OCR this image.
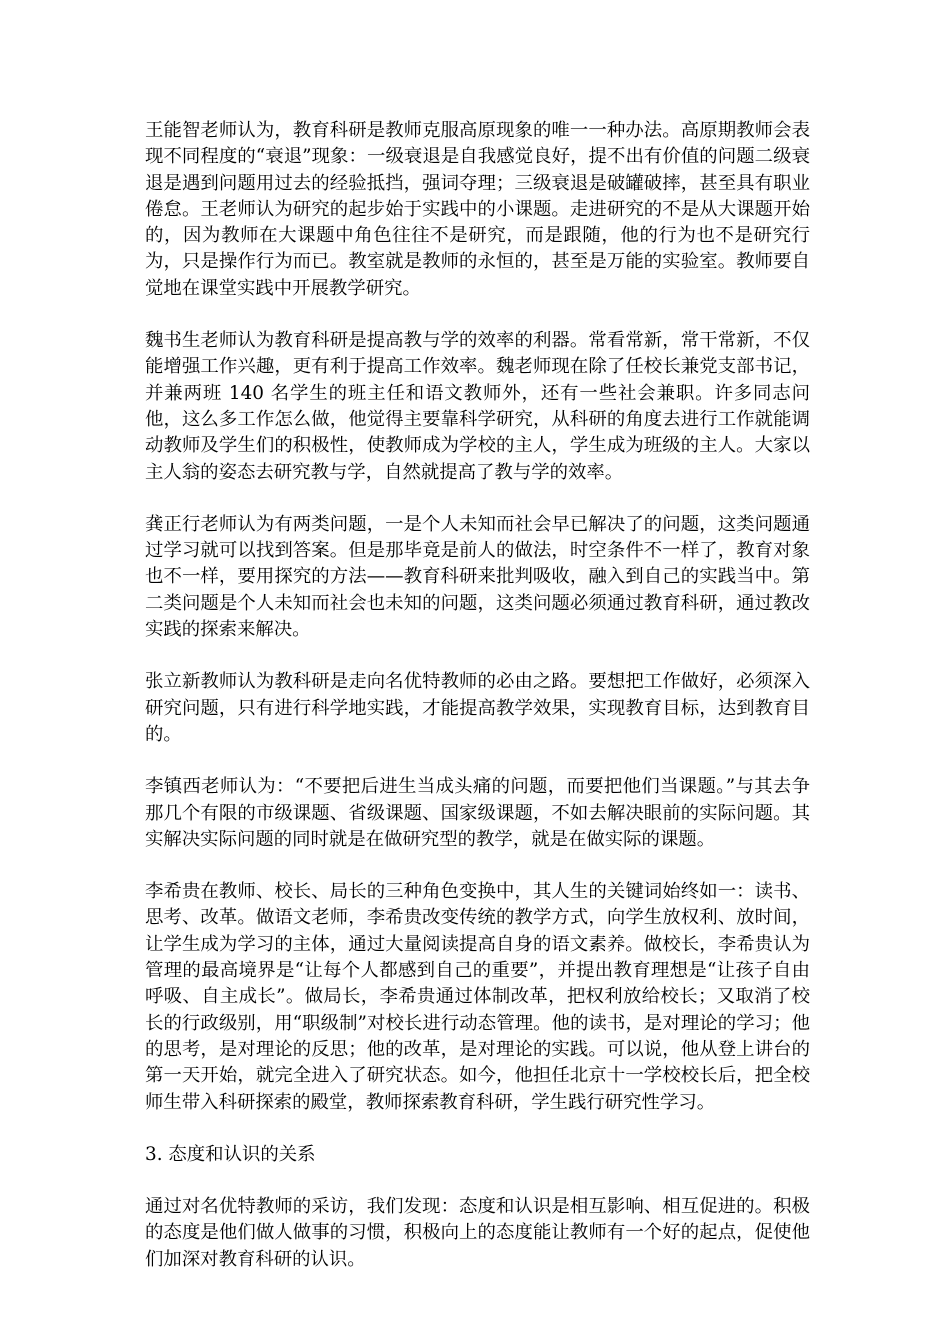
王能智老师认为，教育科研是教师克服高原现象的唯一一种办法。高原期教师会表现不同程度的“衰退”现象：一级衰退是自我感觉良好，提不出有价值的问题二级衰退是遇到问题用过去的经验抵挡，强词夺理；三级衰退是破罐破摔，甚至具有职业倦怠。王老师认为研究的起步始于实践中的小课题。走进研究的不是从大课题开始的，因为教师在大课题中角色往往不是研究，而是跟随，他的行为也不是研究行为，只是操作行为而已。教室就是教师的永恒的，甚至是万能的实验室。教师要自觉地在课堂实践中开展教学研究。

魏书生老师认为教育科研是提高教与学的效率的利器。常看常新，常干常新，不仅能增强工作兴趣，更有利于提高工作效率。魏老师现在除了任校长兼党支部书记，并兼两班 140 名学生的班主任和语文教师外，还有一些社会兼职。许多同志问他，这么多工作怎么做，他觉得主要靠科学研究，从科研的角度去进行工作就能调动教师及学生们的积极性，使教师成为学校的主人，学生成为班级的主人。大家以主人翁的姿态去研究教与学，自然就提高了教与学的效率。

龚正行老师认为有两类问题，一是个人未知而社会早已解决了的问题，这类问题通过学习就可以找到答案。但是那毕竟是前人的做法，时空条件不一样了，教育对象也不一样，要用探究的方法——教育科研来批判吸收，融入到自己的实践当中。第二类问题是个人未知而社会也未知的问题，这类问题必须通过教育科研，通过教改实践的探索来解决。

张立新教师认为教科研是走向名优特教师的必由之路。要想把工作做好，必须深入研究问题，只有进行科学地实践，才能提高教学效果，实现教育目标，达到教育目的。

李镇西老师认为：“不要把后进生当成头痛的问题，而要把他们当课题。”与其去争那几个有限的市级课题、省级课题、国家级课题，不如去解决眼前的实际问题。其实解决实际问题的同时就是在做研究型的教学，就是在做实际的课题。

李希贵在教师、校长、局长的三种角色变换中，其人生的关键词始终如一：读书、思考、改革。做语文老师，李希贵改变传统的教学方式，向学生放权利、放时间，让学生成为学习的主体，通过大量阅读提高自身的语文素养。做校长，李希贵认为管理的最高境界是“让每个人都感到自己的重要”，并提出教育理想是“让孩子自由呼吸、自主成长”。做局长，李希贵通过体制改革，把权利放给校长；又取消了校长的行政级别，用“职级制”对校长进行动态管理。他的读书，是对理论的学习；他的思考，是对理论的反思；他的改革，是对理论的实践。可以说，他从登上讲台的第一天开始，就完全进入了研究状态。如今，他担任北京十一学校校长后，把全校师生带入科研探索的殿堂，教师探索教育科研，学生践行研究性学习。

3. 态度和认识的关系

通过对名优特教师的采访，我们发现：态度和认识是相互影响、相互促进的。积极的态度是他们做人做事的习惯，积极向上的态度能让教师有一个好的起点，促使他们加深对教育科研的认识。
